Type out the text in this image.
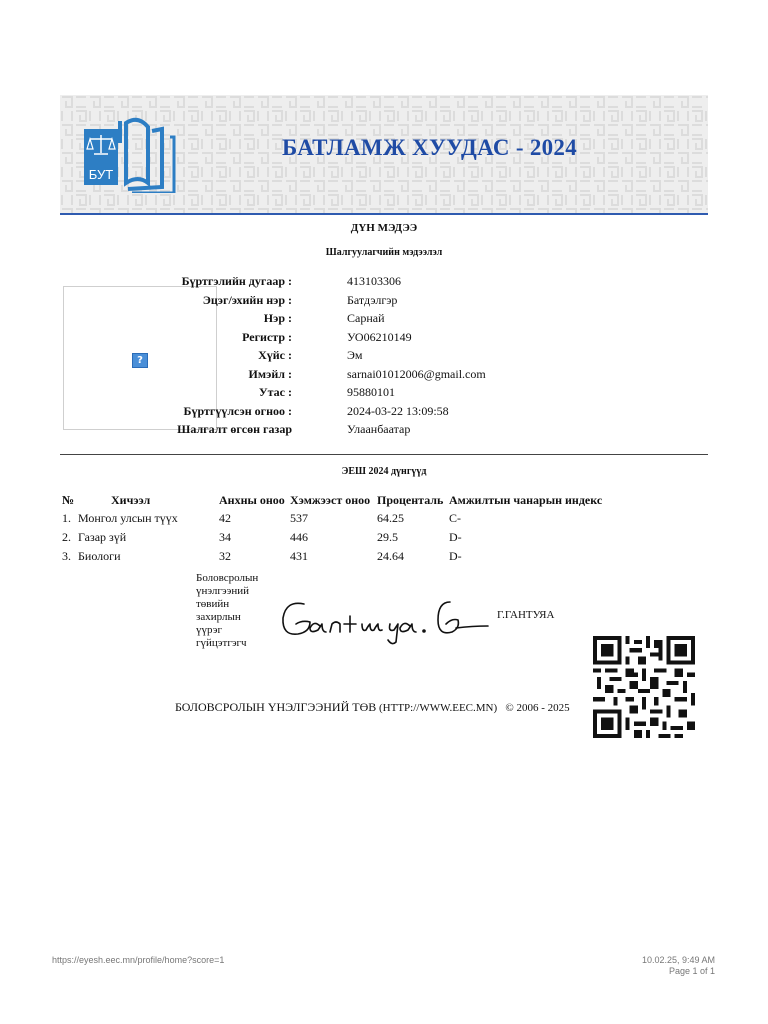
БУТ
БАТЛАМЖ ХУУДАС - 2024
ДҮН МЭДЭЭ
Шалгуулагчийн мэдээлэл
?
Бүртгэлийн дугаар :	413103306
Эцэг/эхийн нэр :	Батдэлгэр
Нэр :	Сарнай
Регистр :	УО06210149
Хүйс :	Эм
Имэйл :	sarnai01012006@gmail.com
Утас :	95880101
Бүртгүүлсэн огноо :	2024-03-22 13:09:58
Шалгалт өгсөн газар	Улаанбаатар
ЭЕШ 2024 дүнгүүд
№	Хичээл	Анхны оноо	Хэмжээст оноо	Проценталь	Амжилтын чанарын индекс
1.	Монгол улсын түүх	42	537	64.25	C-
2.	Газар зүй	34	446	29.5	D-
3.	Биологи	32	431	24.64	D-
Боловсролын
үнэлгээний
төвийн
захирлын
үүрэг
гүйцэтгэгч
Г.ГАНТУЯА
БОЛОВСРОЛЫН ҮНЭЛГЭЭНИЙ ТӨВ (HTTP://WWW.EEC.MN) © 2006 - 2025
https://eyesh.eec.mn/profile/home?score=1	10.02.25, 9:49 AM
Page 1 of 1
